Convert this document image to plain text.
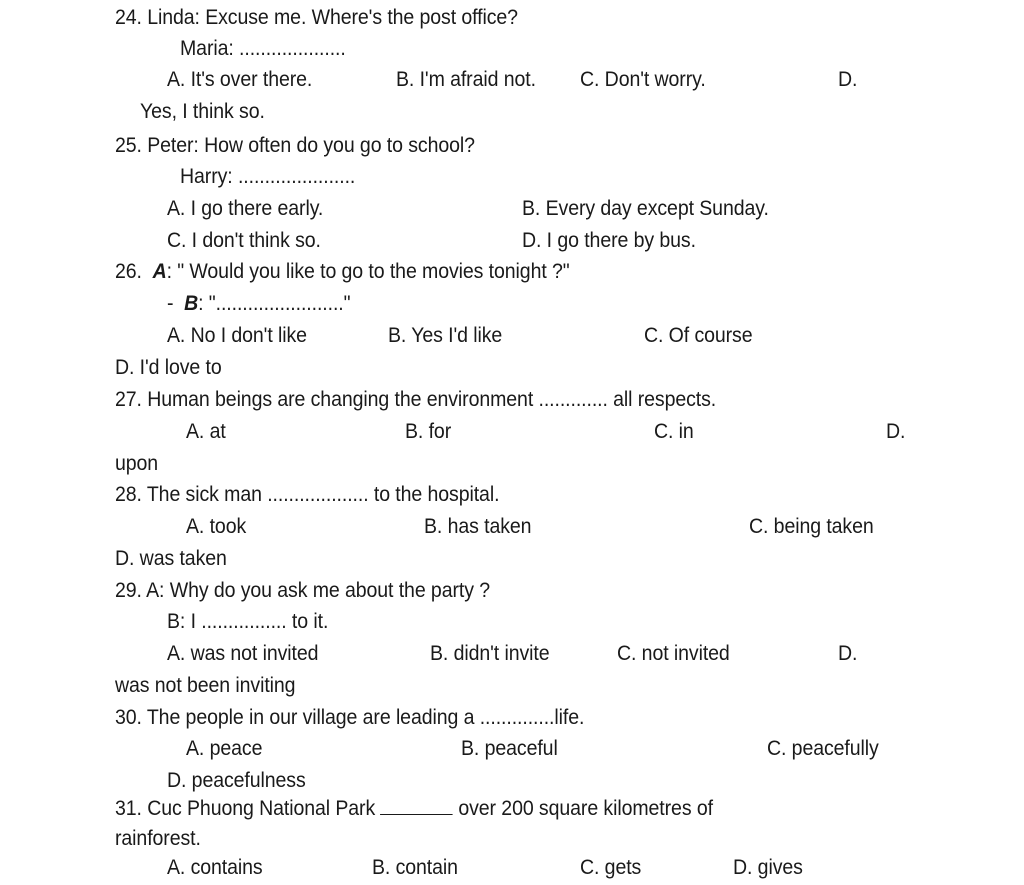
24. Linda: Excuse me. Where's the post office?
Maria: ....................
A. It's over there.	B. I'm afraid not. C. Don't worry.	D.
Yes, I think so.
25. Peter: How often do you go to school?
Harry: ......................
A. I go there early.	B. Every day except Sunday.
C. I don't think so.	D. I go there by bus.
26. A: " Would you like to go to the movies tonight ?"
- B: "........................"
A. No I don't like	B. Yes I'd like	C. Of course
D. I'd love to
27. Human beings are changing the environment ............. all respects.
A. at	B. for	C. in	D.
upon
28. The sick man ................... to the hospital.
A. took	B. has taken	C. being taken
D. was taken
29. A: Why do you ask me about the party ?
B: I ................ to it.
A. was not invited	B. didn't invite	C. not invited	D.
was not been inviting
30. The people in our village are leading a ..............life.
A. peace	B. peaceful	C. peacefully
D. peacefulness
31. Cuc Phuong National Park	over 200 square kilometres of
rainforest.
A. contains	B. contain	C. gets	D. gives
